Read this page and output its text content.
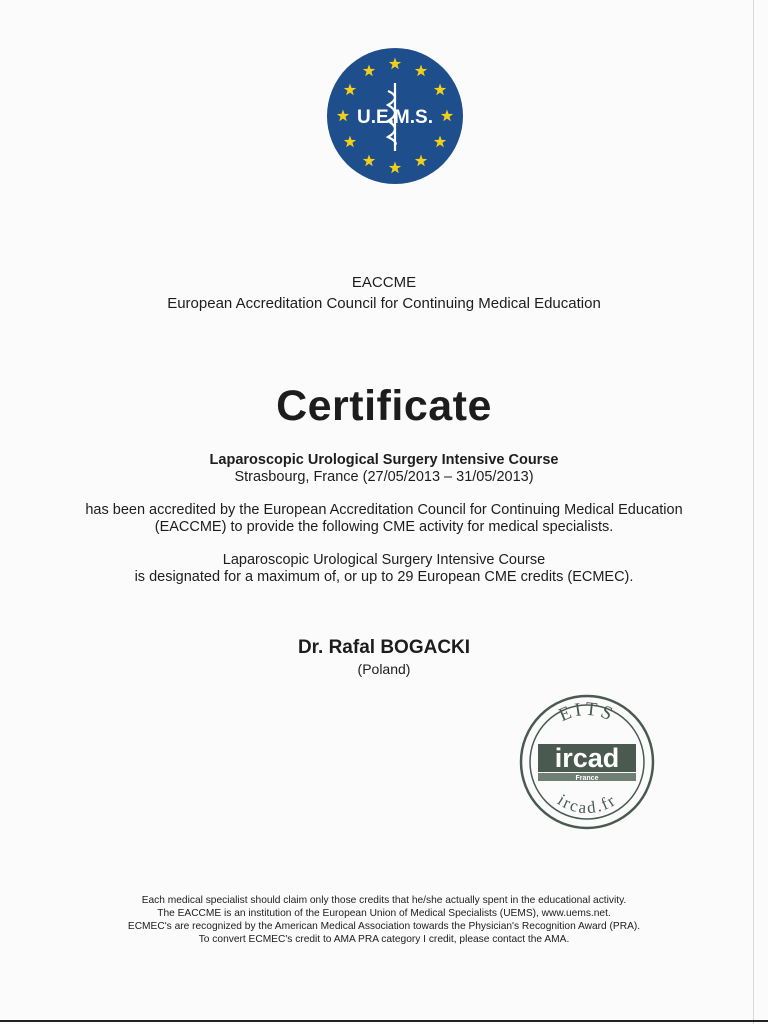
U.E.M.S.
EACCME
European Accreditation Council for Continuing Medical Education
Certificate
Laparoscopic Urological Surgery Intensive Course
Strasbourg, France (27/05/2013 – 31/05/2013)
has been accredited by the European Accreditation Council for Continuing Medical Education
(EACCME) to provide the following CME activity for medical specialists.
Laparoscopic Urological Surgery Intensive Course
is designated for a maximum of, or up to 29 European CME credits (ECMEC).
Dr. Rafal BOGACKI
(Poland)
EITS
ircad
France
ircad.fr
Each medical specialist should claim only those credits that he/she actually spent in the educational activity.
The EACCME is an institution of the European Union of Medical Specialists (UEMS), www.uems.net.
ECMEC's are recognized by the American Medical Association towards the Physician's Recognition Award (PRA).
To convert ECMEC's credit to AMA PRA category I credit, please contact the AMA.
